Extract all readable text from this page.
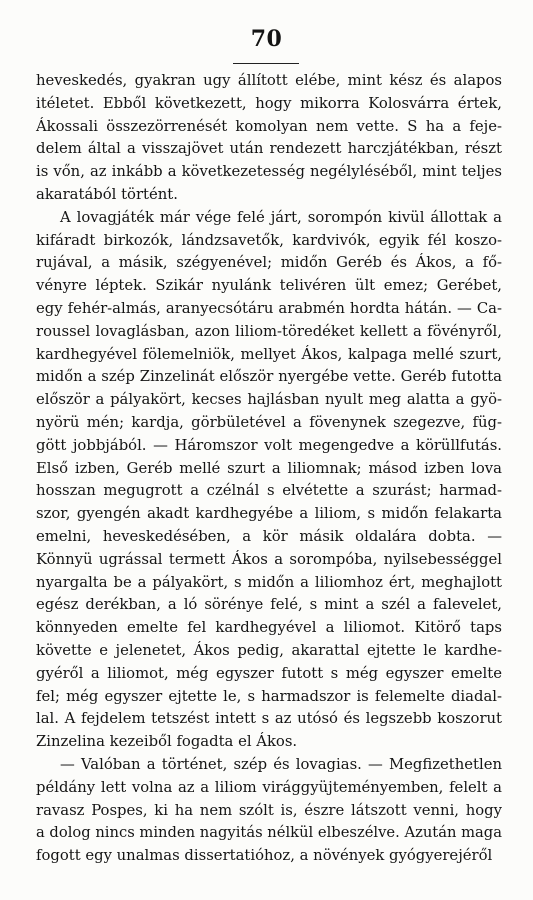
70
heveskedés, gyakran ugy állított elébe, mint kész és alapos
itéletet. Ebből következett, hogy mikorra Kolosvárra értek,
Ákossali összezörrenését komolyan nem vette. S ha a feje-
delem által a visszajövet után rendezett harczjátékban, részt
is vőn, az inkább a következetesség negélyléséből, mint teljes
akaratából történt.
A lovagjáték már vége felé járt, sorompón kivül állottak a
kifáradt birkozók, lándzsavetők, kardvivók, egyik fél koszo-
rujával, a másik, szégyenével; midőn Geréb és Ákos, a fő-
vényre léptek. Szikár nyulánk telivéren ült emez; Gerébet,
egy fehér-almás, aranyecsótáru arabmén hordta hátán. — Ca-
roussel lovaglásban, azon liliom-töredéket kellett a fövényről,
kardhegyével fölemelniök, mellyet Ákos, kalpaga mellé szurt,
midőn a szép Zinzelinát először nyergébe vette. Geréb futotta
először a pályakört, kecses hajlásban nyult meg alatta a gyö-
nyörü mén; kardja, görbületével a fövenynek szegezve, füg-
gött jobbjából. — Háromszor volt megengedve a körüllfutás.
Első izben, Geréb mellé szurt a liliomnak; másod izben lova
hosszan megugrott a czélnál s elvétette a szurást; harmad-
szor, gyengén akadt kardhegyébe a liliom, s midőn felakarta
emelni, heveskedésében, a kör másik oldalára dobta. —
Könnyü ugrással termett Ákos a sorompóba, nyilsebességgel
nyargalta be a pályakört, s midőn a liliomhoz ért, meghajlott
egész derékban, a ló sörénye felé, s mint a szél a falevelet,
könnyeden emelte fel kardhegyével a liliomot. Kitörő taps
követte e jelenetet, Ákos pedig, akarattal ejtette le kardhe-
gyéről a liliomot, még egyszer futott s még egyszer emelte
fel; még egyszer ejtette le, s harmadszor is felemelte diadal-
lal. A fejdelem tetszést intett s az utósó és legszebb koszorut
Zinzelina kezeiből fogadta el Ákos.
— Valóban a történet, szép és lovagias. — Megfizethetlen
példány lett volna az a liliom virággyüjteményemben, felelt a
ravasz Pospes, ki ha nem szólt is, észre látszott venni, hogy
a dolog nincs minden nagyitás nélkül elbeszélve. Azután maga
fogott egy unalmas dissertatióhoz, a növények gyógyerejéről
